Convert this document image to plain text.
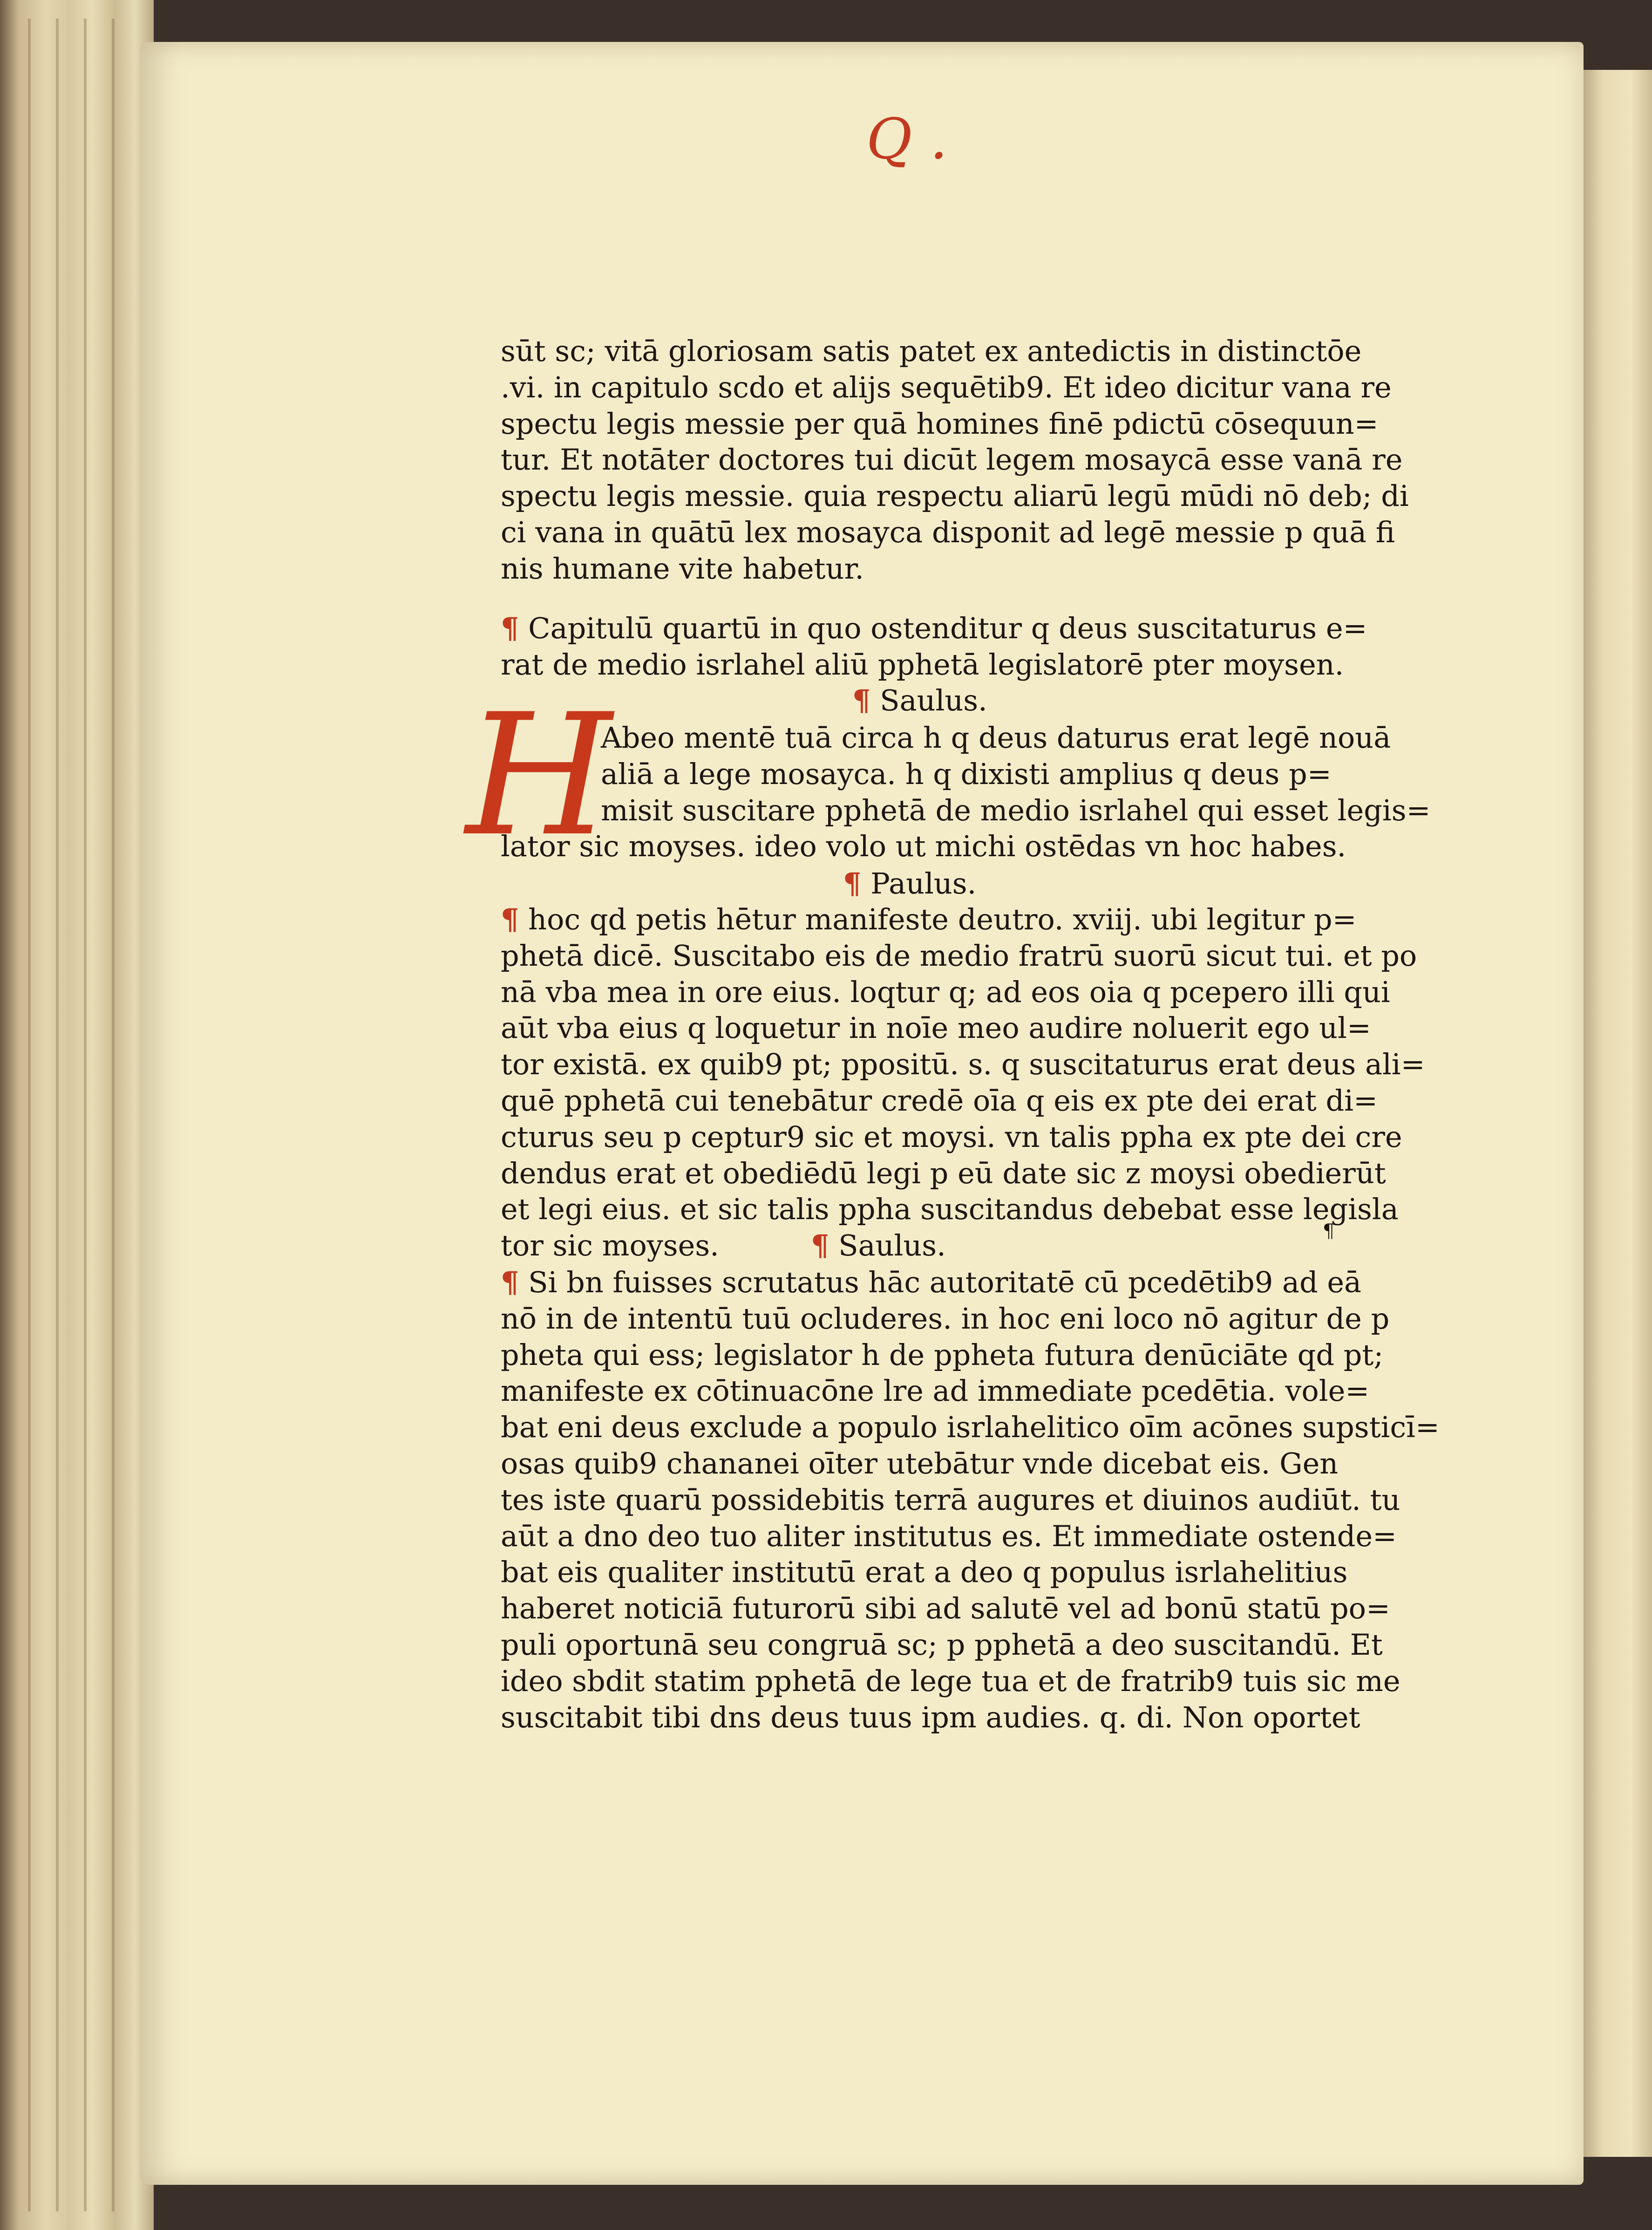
Q .
sūt sc; vitā gloriosam satis patet ex antedictis in distinctōe
.vi. in capitulo scdo et alijs sequētib9. Et ideo dicitur vana re
spectu legis messie per quā homines finē pdictū cōsequun=
tur. Et notāter doctores tui dicūt legem mosaycā esse vanā re
spectu legis messie. quia respectu aliarū legū mūdi nō deb; di
ci vana in quātū lex mosayca disponit ad legē messie p quā fi
nis humane vite habetur.
¶ Capitulū quartū in quo ostenditur q deus suscitaturus e=
rat de medio isrlahel aliū pphetā legislatorē pter moysen.
¶ Saulus.
H
Abeo mentē tuā circa h q deus daturus erat legē nouā
aliā a lege mosayca. h q dixisti amplius q deus p=
misit suscitare pphetā de medio isrlahel qui esset legis=
lator sic moyses. ideo volo ut michi ostēdas vn hoc habes.
¶ Paulus.
¶ hoc qd petis hētur manifeste deutro. xviij. ubi legitur p=
phetā dicē. Suscitabo eis de medio fratrū suorū sicut tui. et po
nā vba mea in ore eius. loqtur q; ad eos oia q pcepero illi qui
aūt vba eius q loquetur in noīe meo audire noluerit ego ul=
tor existā. ex quib9 pt; ppositū. s. q suscitaturus erat deus ali=
quē pphetā cui tenebātur credē oīa q eis ex pte dei erat di=
cturus seu p ceptur9 sic et moysi. vn talis ppha ex pte dei cre
dendus erat et obediēdū legi p eū date sic z moysi obedierūt
et legi eius. et sic talis ppha suscitandus debebat esse legisla
tor sic moyses.	¶ Saulus.	¶
¶ Si bn fuisses scrutatus hāc autoritatē cū pcedētib9 ad eā
nō in de intentū tuū ocluderes. in hoc eni loco nō agitur de p
pheta qui ess; legislator h de ppheta futura denūciāte qd pt;
manifeste ex cōtinuacōne lre ad immediate pcedētia. vole=
bat eni deus exclude a populo isrlahelitico oīm acōnes supsticī=
osas quib9 chananei oīter utebātur vnde dicebat eis. Gen
tes iste quarū possidebitis terrā augures et diuinos audiūt. tu
aūt a dno deo tuo aliter institutus es. Et immediate ostende=
bat eis qualiter institutū erat a deo q populus isrlahelitius
haberet noticiā futurorū sibi ad salutē vel ad bonū statū po=
puli oportunā seu congruā sc; p pphetā a deo suscitandū. Et
ideo sbdit statim pphetā de lege tua et de fratrib9 tuis sic me
suscitabit tibi dns deus tuus ipm audies. q. di. Non oportet
